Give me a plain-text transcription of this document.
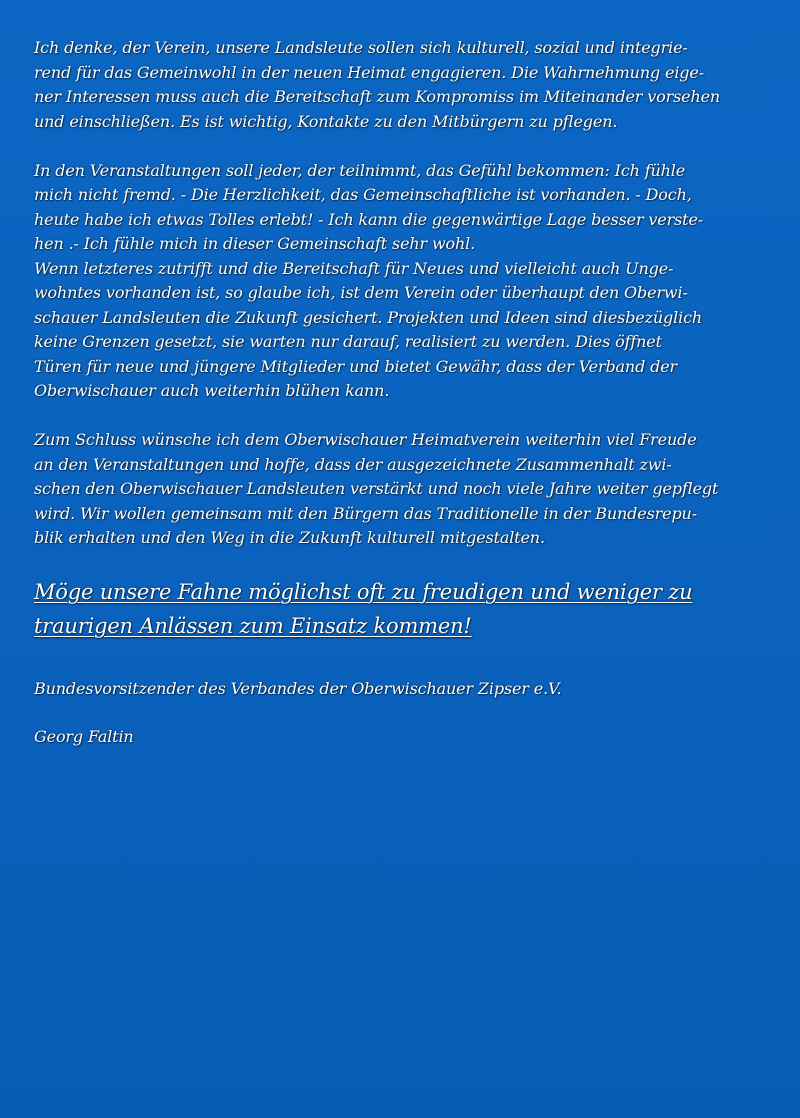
Ich denke, der Verein, unsere Landsleute sollen sich kulturell, sozial und integrie-
rend für das Gemeinwohl in der neuen Heimat engagieren. Die Wahrnehmung eige-
ner Interessen muss auch die Bereitschaft zum Kompromiss im Miteinander vorsehen
und einschließen. Es ist wichtig, Kontakte zu den Mitbürgern zu pflegen.
In den Veranstaltungen soll jeder, der teilnimmt, das Gefühl bekommen: Ich fühle
mich nicht fremd. - Die Herzlichkeit, das Gemeinschaftliche ist vorhanden. - Doch,
heute habe ich etwas Tolles erlebt! - Ich kann die gegenwärtige Lage besser verste-
hen .- Ich fühle mich in dieser Gemeinschaft sehr wohl.
Wenn letzteres zutrifft und die Bereitschaft für Neues und vielleicht auch Unge-
wohntes vorhanden ist, so glaube ich, ist dem Verein oder überhaupt den Oberwi-
schauer Landsleuten die Zukunft gesichert. Projekten und Ideen sind diesbezüglich
keine Grenzen gesetzt, sie warten nur darauf, realisiert zu werden. Dies öffnet
Türen für neue und jüngere Mitglieder und bietet Gewähr, dass der Verband der
Oberwischauer auch weiterhin blühen kann.
Zum Schluss wünsche ich dem Oberwischauer Heimatverein weiterhin viel Freude
an den Veranstaltungen und hoffe, dass der ausgezeichnete Zusammenhalt zwi-
schen den Oberwischauer Landsleuten verstärkt und noch viele Jahre weiter gepflegt
wird. Wir wollen gemeinsam mit den Bürgern das Traditionelle in der Bundesrepu-
blik erhalten und den Weg in die Zukunft kulturell mitgestalten.
Möge unsere Fahne möglichst oft zu freudigen und weniger zu
traurigen Anlässen zum Einsatz kommen!
Bundesvorsitzender des Verbandes der Oberwischauer Zipser e.V.
Georg Faltin
